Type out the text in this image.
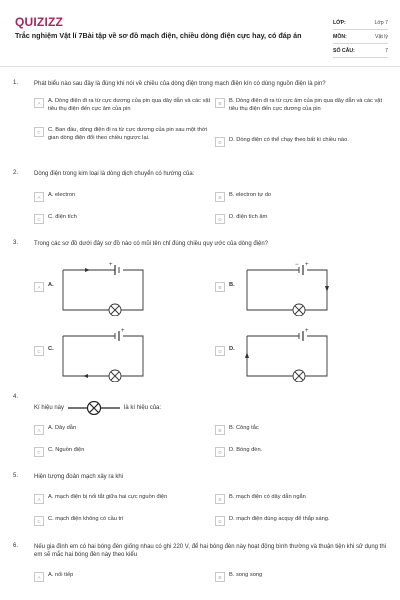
QUIZIZZ
Trắc nghiệm Vật lí 7Bài tập về sơ đồ mạch điện, chiều dòng điện cực hay, có đáp án
LỚP:	Lớp 7
MÔN:	Vật lý
SỐ CÂU:	7
1.	Phát biểu nào sau đây là đúng khi nói về chiều của dòng điện trong mạch điện kín có dùng nguồn điện là pin?
A	A. Dòng điện đi ra từ cực dương của pin qua dây dẫn và các vật tiêu thụ điện đến cực âm của pin
B	B. Dòng điện đi ra từ cực âm của pin qua dây dẫn và các vật tiêu thụ điện đến cực dương của pin
C	C. Ban đầu, dòng điện đi ra từ cực dương của pin sau một thời gian dòng điện đổi theo chiều ngược lại.
D	D. Dòng điện có thể chạy theo bất kì chiều nào.
2.	Dòng điện trong kim loại là dòng dịch chuyển có hướng của:
A	A. electron	B	B. electron tự do
C	C. điện tích	D	D. điện tích âm
3.	Trong các sơ đồ dưới đây sơ đồ nào có mũi tên chỉ đúng chiều quy ước của dòng điện?
A	A.
+
B	B.
− +
C	C.
+
D	D.
+
4.
Kí hiệu này	là kí hiệu của:
A	A. Dây dẫn	B	B. Công tắc
C	C. Nguồn điện	D	D. Bóng đèn.
5.	Hiện tượng đoản mạch xảy ra khi
A	A. mạch điện bị nối tắt giữa hai cực nguồn điện	B	B. mạch điện có dây dẫn ngắn
C	C. mạch điện không có cầu trì	D	D. mạch điện dùng acquy để thắp sáng.
6.	Nếu gia đình em có hai bóng đèn giống nhau có ghi 220 V, để hai bóng đèn này hoạt động bình thường và thuận tiện khi sử dụng thì em sẽ mắc hai bóng đèn này theo kiểu
A	A. nối tiếp	B	B. song song
